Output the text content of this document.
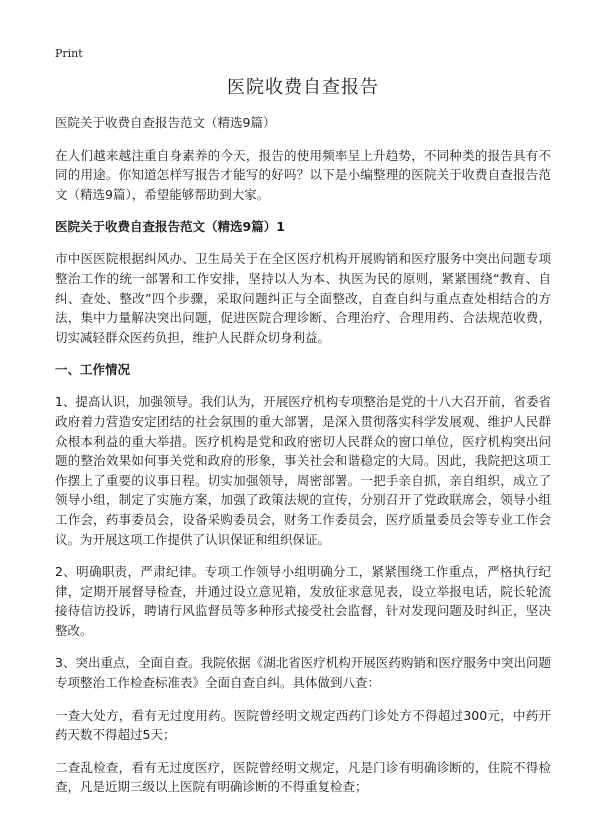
Print
医院收费自查报告

医院关于收费自查报告范文（精选9篇）

在人们越来越注重自身素养的今天，报告的使用频率呈上升趋势，不同种类的报告具有不同的用途。你知道怎样写报告才能写的好吗？以下是小编整理的医院关于收费自查报告范文（精选9篇），希望能够帮助到大家。

医院关于收费自查报告范文（精选9篇）1

市中医医院根据纠风办、卫生局关于在全区医疗机构开展购销和医疗服务中突出问题专项整治工作的统一部署和工作安排，坚持以人为本、执医为民的原则，紧紧围绕“教育、自纠、查处、整改”四个步骤，采取问题纠正与全面整改，自查自纠与重点查处相结合的方法，集中力量解决突出问题，促进医院合理诊断、合理治疗、合理用药、合法规范收费，切实减轻群众医药负担，维护人民群众切身利益。

一、工作情况

1、提高认识，加强领导。我们认为，开展医疗机构专项整治是党的十八大召开前，省委省政府着力营造安定团结的社会氛围的重大部署，是深入贯彻落实科学发展观、维护人民群众根本利益的重大举措。医疗机构是党和政府密切人民群众的窗口单位，医疗机构突出问题的整治效果如何事关党和政府的形象，事关社会和谐稳定的大局。因此，我院把这项工作摆上了重要的议事日程。切实加强领导，周密部署。一把手亲自抓，亲自组织，成立了领导小组，制定了实施方案，加强了政策法规的宣传，分别召开了党政联席会，领导小组工作会，药事委员会，设备采购委员会，财务工作委员会，医疗质量委员会等专业工作会议。为开展这项工作提供了认识保证和组织保证。

2、明确职责，严肃纪律。专项工作领导小组明确分工，紧紧围绕工作重点，严格执行纪律，定期开展督导检查，并通过设立意见箱，发放征求意见表，设立举报电话，院长轮流接待信访投诉，聘请行风监督员等多种形式接受社会监督，针对发现问题及时纠正，坚决整改。

3、突出重点，全面自查。我院依据《湖北省医疗机构开展医药购销和医疗服务中突出问题专项整治工作检查标准表》全面自查自纠。具体做到八查：

一查大处方，看有无过度用药。医院曾经明文规定西药门诊处方不得超过300元，中药开药天数不得超过5天；

二查乱检查，看有无过度医疗，医院曾经明文规定，凡是门诊有明确诊断的，住院不得检查，凡是近期三级以上医院有明确诊断的不得重复检查；
